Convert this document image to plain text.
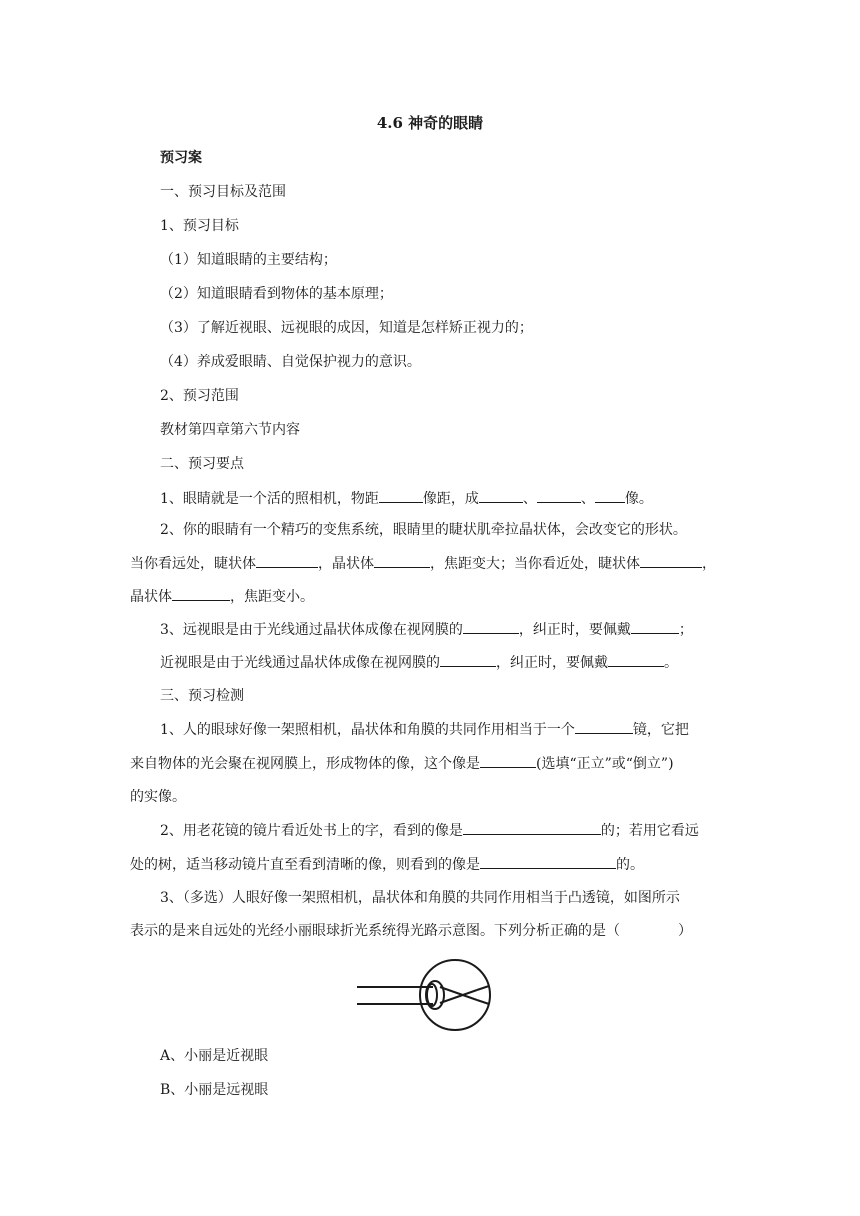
4.6 神奇的眼睛
预习案
一、预习目标及范围
1、预习目标
（1）知道眼睛的主要结构；
（2）知道眼睛看到物体的基本原理；
（3）了解近视眼、远视眼的成因，知道是怎样矫正视力的；
（4）养成爱眼睛、自觉保护视力的意识。
2、预习范围
教材第四章第六节内容
二、预习要点
1、眼睛就是一个活的照相机，物距	像距，成	、	、 像。
2、你的眼睛有一个精巧的变焦系统，眼睛里的睫状肌牵拉晶状体，会改变它的形状。
当你看远处，睫状体	，晶状体	，焦距变大；当你看近处，睫状体	，
晶状体	，焦距变小。
3、远视眼是由于光线通过晶状体成像在视网膜的	，纠正时，要佩戴	；
近视眼是由于光线通过晶状体成像在视网膜的	，纠正时，要佩戴	。
三、预习检测
1、人的眼球好像一架照相机，晶状体和角膜的共同作用相当于一个	镜，它把
来自物体的光会聚在视网膜上，形成物体的像，这个像是	(选填“正立”或“倒立”)
的实像。
2、用老花镜的镜片看近处书上的字，看到的像是	的；若用它看远
处的树，适当移动镜片直至看到清晰的像，则看到的像是	的。
3、（多选）人眼好像一架照相机，晶状体和角膜的共同作用相当于凸透镜，如图所示
表示的是来自远处的光经小丽眼球折光系统得光路示意图。下列分析正确的是（	）
A、小丽是近视眼
B、小丽是远视眼
